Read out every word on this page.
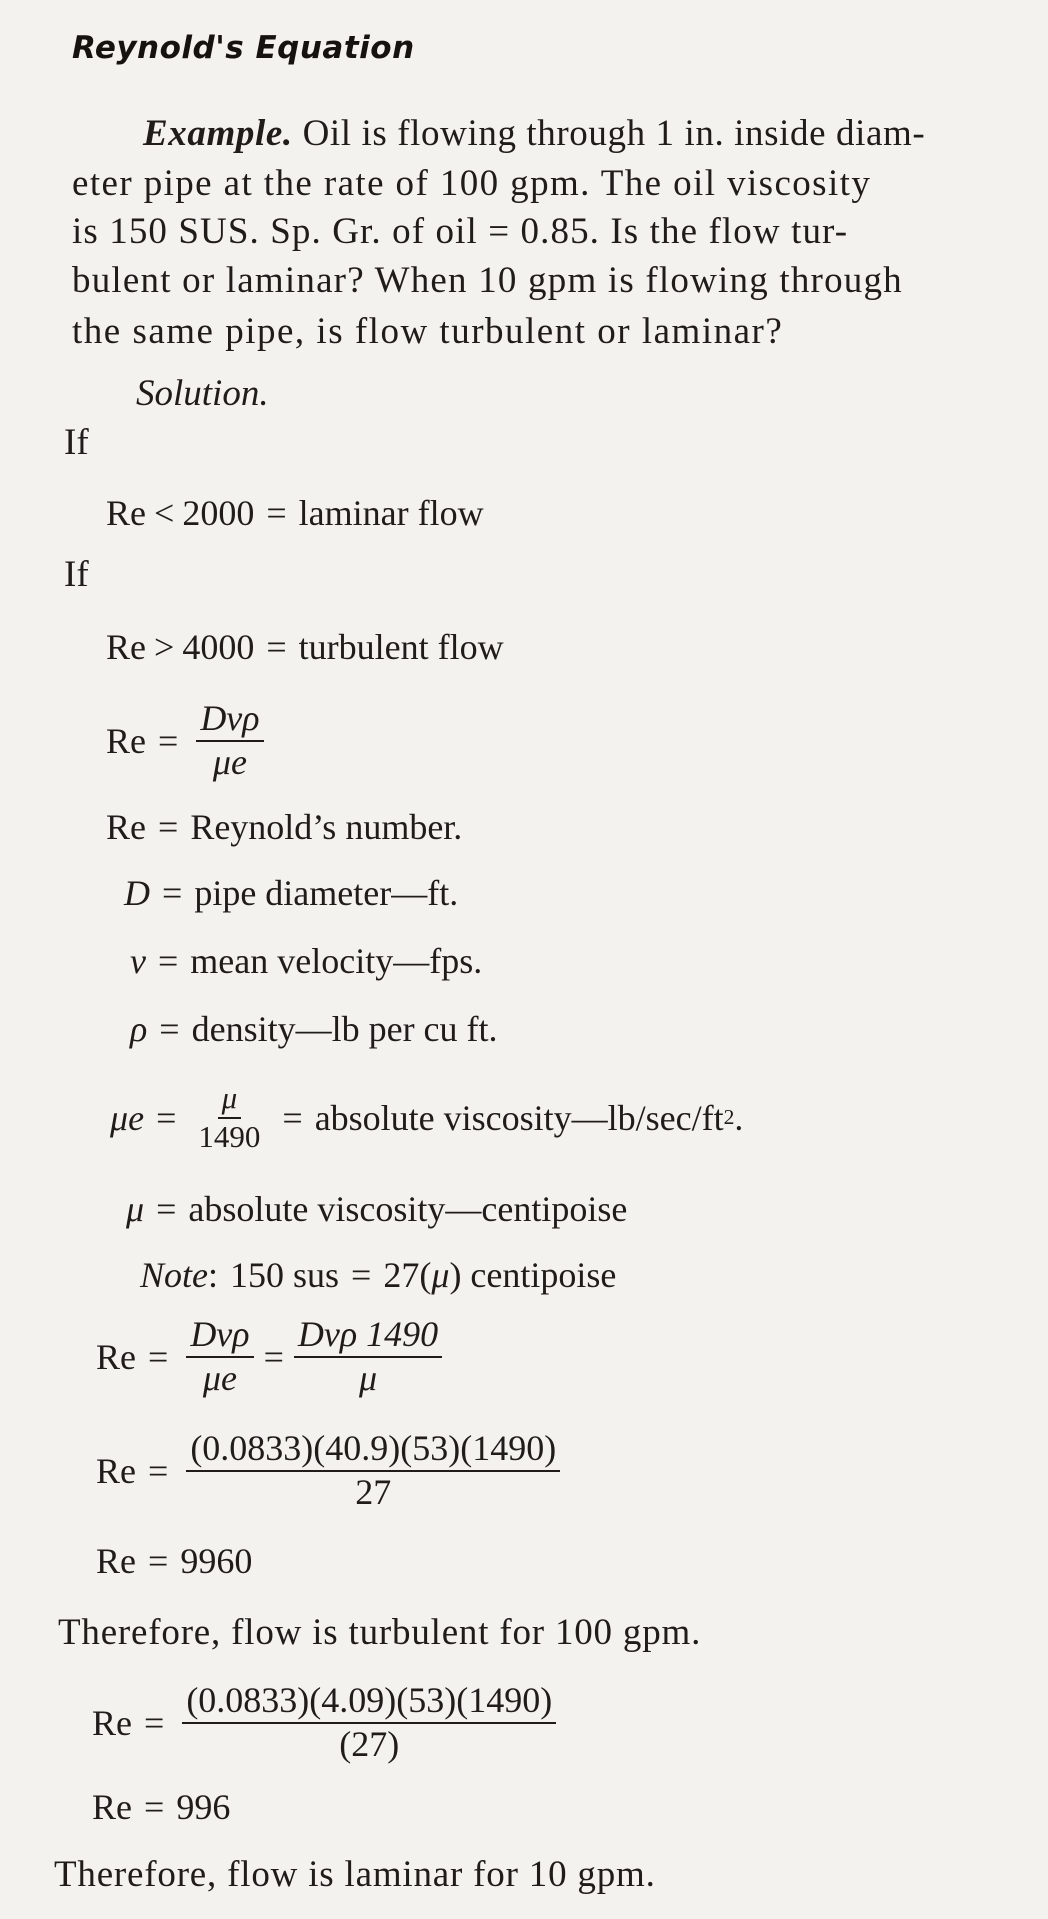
Reynold's Equation
Example. Oil is flowing through 1 in. inside diam-
eter pipe at the rate of 100 gpm. The oil viscosity
is 150 SUS. Sp. Gr. of oil = 0.85. Is the flow tur-
bulent or laminar? When 10 gpm is flowing through
the same pipe, is flow turbulent or laminar?
Solution.
If
Re < 2000 = laminar flow
If
Re > 4000 = turbulent flow
$Re = \frac{\text{Dvρ}}{\mu e}$
Re = Reynold’s number.
D = pipe diameter—ft.
v = mean velocity—fps.
ρ = density—lb per cu ft.
$\mu e = \frac{\mu}{1490}$ = absolute viscosity—lb/sec/ft 2 .
μ = absolute viscosity—centipoise
Note : 150 sus = 27( μ ) centipoise
$Re = \frac{\text{Dvρ}}{\mu e} = \frac{\text{Dvρ 1490}}{\mu}$
$Re = \frac{(0.0833)(40.9)(53)(1490)}{27}$
Re = 9960
Therefore, flow is turbulent for 100 gpm.
$Re = \frac{(0.0833)(4.09)(53)(1490)}{(27)}$
Re = 996
Therefore, flow is laminar for 10 gpm.
